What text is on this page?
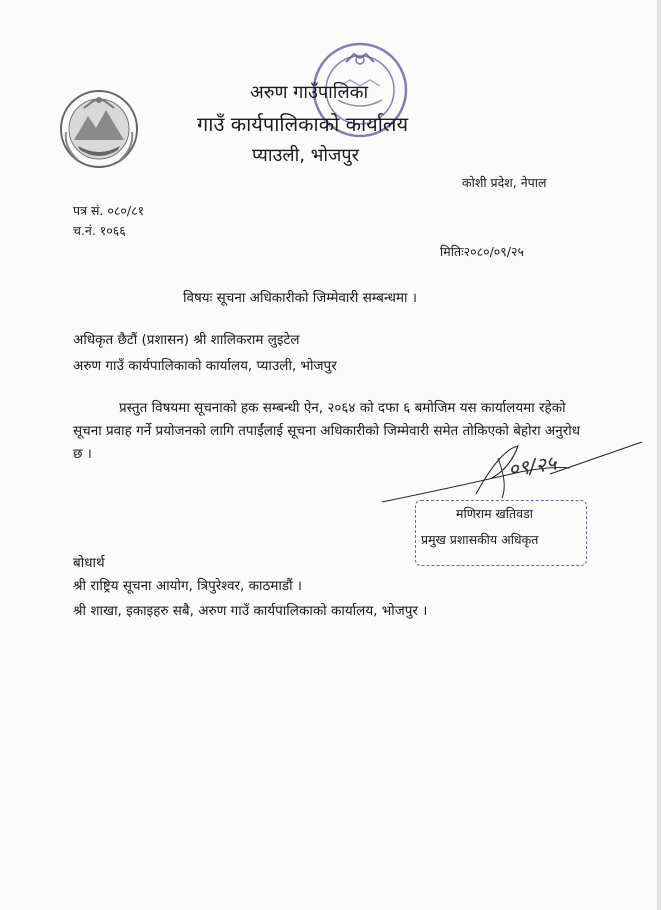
अरुण गाउँपालिका
गाउँ कार्यपालिकाको कार्यालय
प्याउली, भोजपुर
कोशी प्रदेश, नेपाल
पत्र सं. ०८०/८१
च.नं. १०६६
मितिः२०८०/०९/२५
विषयः सूचना अधिकारीको जिम्मेवारी सम्बन्धमा ।
अधिकृत छैटौं (प्रशासन) श्री शालिकराम लुइटेल
अरुण गाउँ कार्यपालिकाको कार्यालय, प्याउली, भोजपुर
प्रस्तुत विषयमा सूचनाको हक सम्बन्धी ऐन, २०६४ को दफा ६ बमोजिम यस कार्यालयमा रहेको सूचना प्रवाह गर्ने प्रयोजनको लागि तपाईंलाई सूचना अधिकारीको जिम्मेवारी समेत तोकिएको बेहोरा अनुरोध छ ।	०९/२५
मणिराम खतिवडा
प्रमुख प्रशासकीय अधिकृत
बोधार्थ
श्री राष्ट्रिय सूचना आयोग, त्रिपुरेश्वर, काठमाडौं ।
श्री शाखा, इकाइहरु सबै, अरुण गाउँ कार्यपालिकाको कार्यालय, भोजपुर ।
